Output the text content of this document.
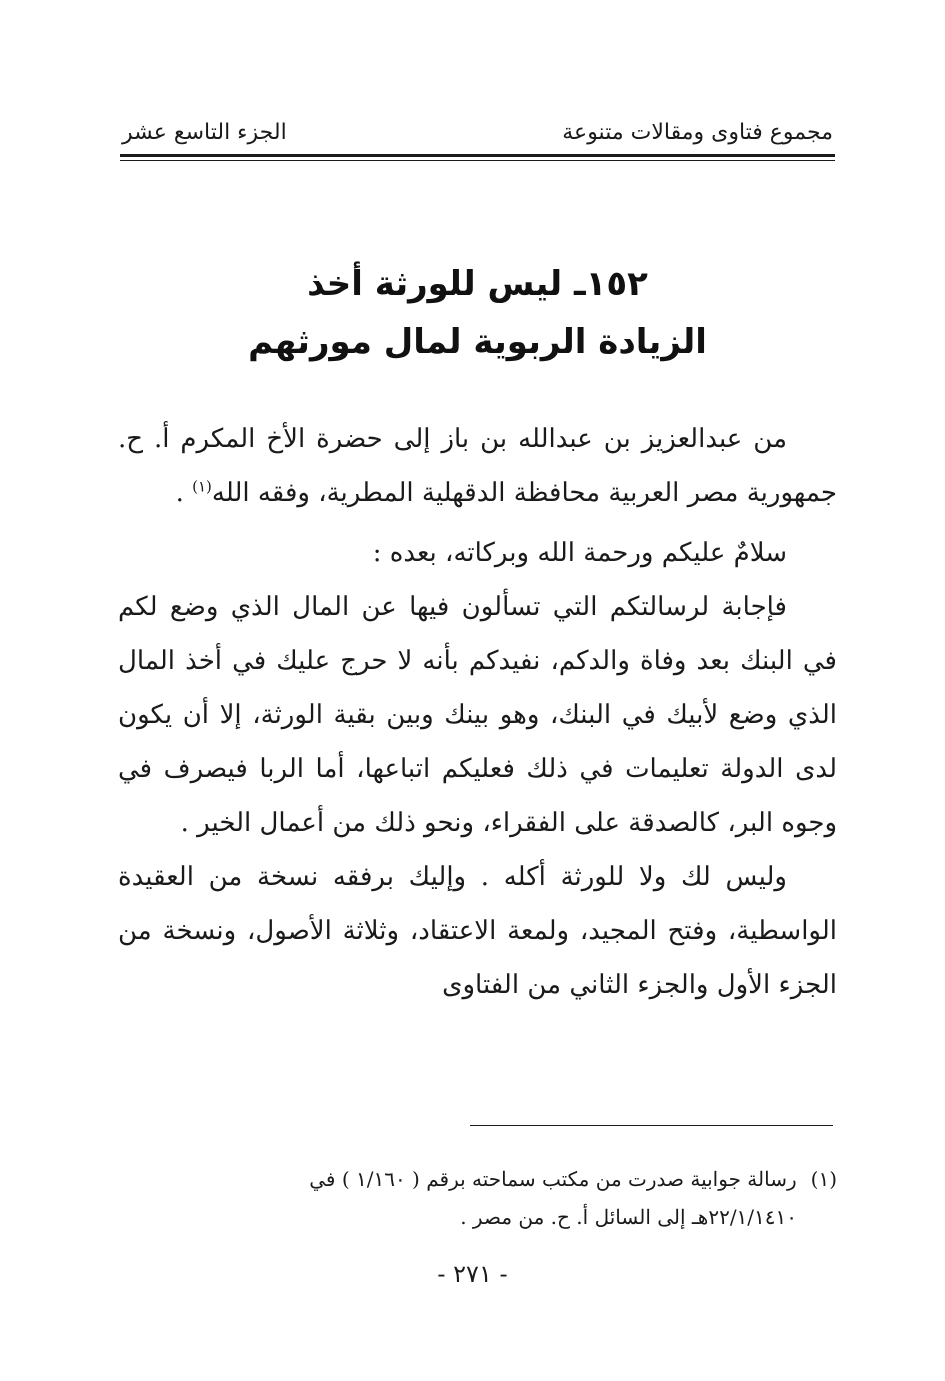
مجموع فتاوى ومقالات متنوعة
الجزء التاسع عشر
١٥٢ـ ليس للورثة أخذ
الزيادة الربوية لمال مورثهم

من عبدالعزيز بن عبدالله بن باز إلى حضرة الأخ المكرم أ. ح. جمهورية مصر العربية محافظة الدقهلية المطرية، وفقه الله$^{(١)}$ .

سلامٌ عليكم ورحمة الله وبركاته، بعده :

فإجابة لرسالتكم التي تسألون فيها عن المال الذي وضع لكم في البنك بعد وفاة والدكم، نفيدكم بأنه لا حرج عليك في أخذ المال الذي وضع لأبيك في البنك، وهو بينك وبين بقية الورثة، إلا أن يكون لدى الدولة تعليمات في ذلك فعليكم اتباعها، أما الربا فيصرف في وجوه البر، كالصدقة على الفقراء، ونحو ذلك من أعمال الخير .

وليس لك ولا للورثة أكله . وإليك برفقه نسخة من العقيدة الواسطية، وفتح المجيد، ولمعة الاعتقاد، وثلاثة الأصول، ونسخة من الجزء الأول والجزء الثاني من الفتاوى

(١)رسالة جوابية صدرت من مكتب سماحته برقم ( ١/١٦٠ ) في

٢٢/١/١٤١٠هـ إلى السائل أ. ح. من مصر .

- ٢٧١ -
